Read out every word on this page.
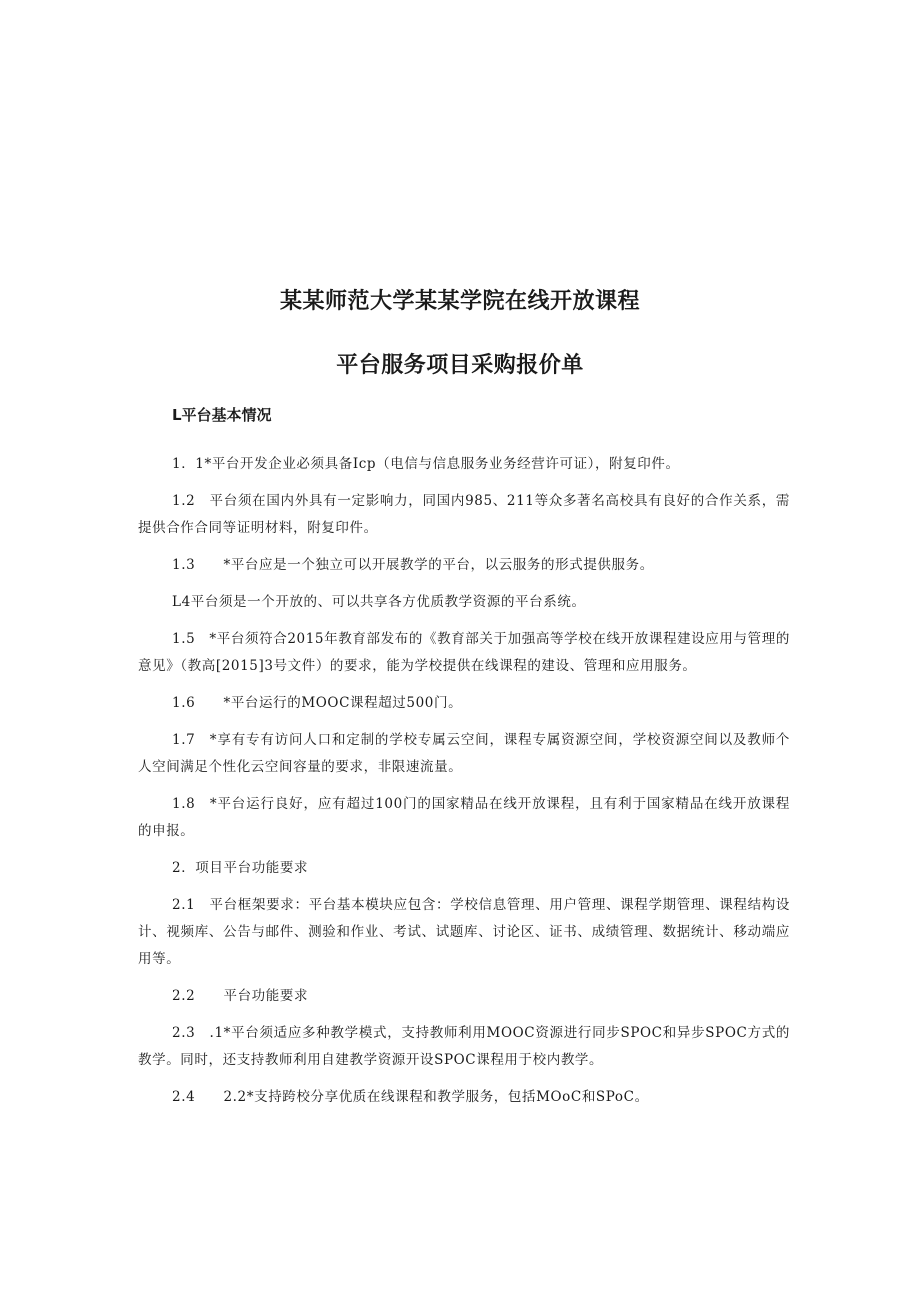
某某师范大学某某学院在线开放课程
平台服务项目采购报价单
L平台基本情况

1．1*平台开发企业必须具备Icp（电信与信息服务业务经营许可证），附复印件。

1.2　平台须在国内外具有一定影响力，同国内985、211等众多著名高校具有良好的合作关系，需提供合作合同等证明材料，附复印件。

1.3　　*平台应是一个独立可以开展教学的平台，以云服务的形式提供服务。

L4平台须是一个开放的、可以共享各方优质教学资源的平台系统。

1.5　*平台须符合2015年教育部发布的《教育部关于加强高等学校在线开放课程建设应用与管理的意见》（教高[2015]3号文件）的要求，能为学校提供在线课程的建设、管理和应用服务。

1.6　　*平台运行的MOOC课程超过500门。

1.7　*享有专有访问人口和定制的学校专属云空间，课程专属资源空间，学校资源空间以及教师个人空间满足个性化云空间容量的要求，非限速流量。

1.8　*平台运行良好，应有超过100门的国家精品在线开放课程，且有利于国家精品在线开放课程的申报。

2．项目平台功能要求

2.1　平台框架要求：平台基本模块应包含：学校信息管理、用户管理、课程学期管理、课程结构设计、视频库、公告与邮件、测验和作业、考试、试题库、讨论区、证书、成绩管理、数据统计、移动端应用等。

2.2　　平台功能要求

2.3　.1*平台须适应多种教学模式，支持教师利用MOOC资源进行同步SPOC和异步SPOC方式的教学。同时，还支持教师利用自建教学资源开设SPOC课程用于校内教学。

2.4　　2.2*支持跨校分享优质在线课程和教学服务，包括MOoC和SPoC。
